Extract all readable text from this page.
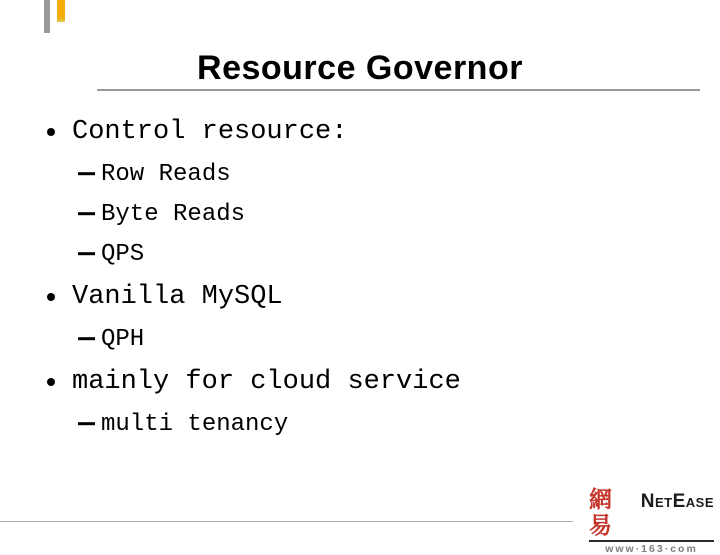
Resource Governor
Control resource:
Row Reads
Byte Reads
QPS
Vanilla MySQL
QPH
mainly for cloud service
multi tenancy
網易
NetEase
www·163·com
